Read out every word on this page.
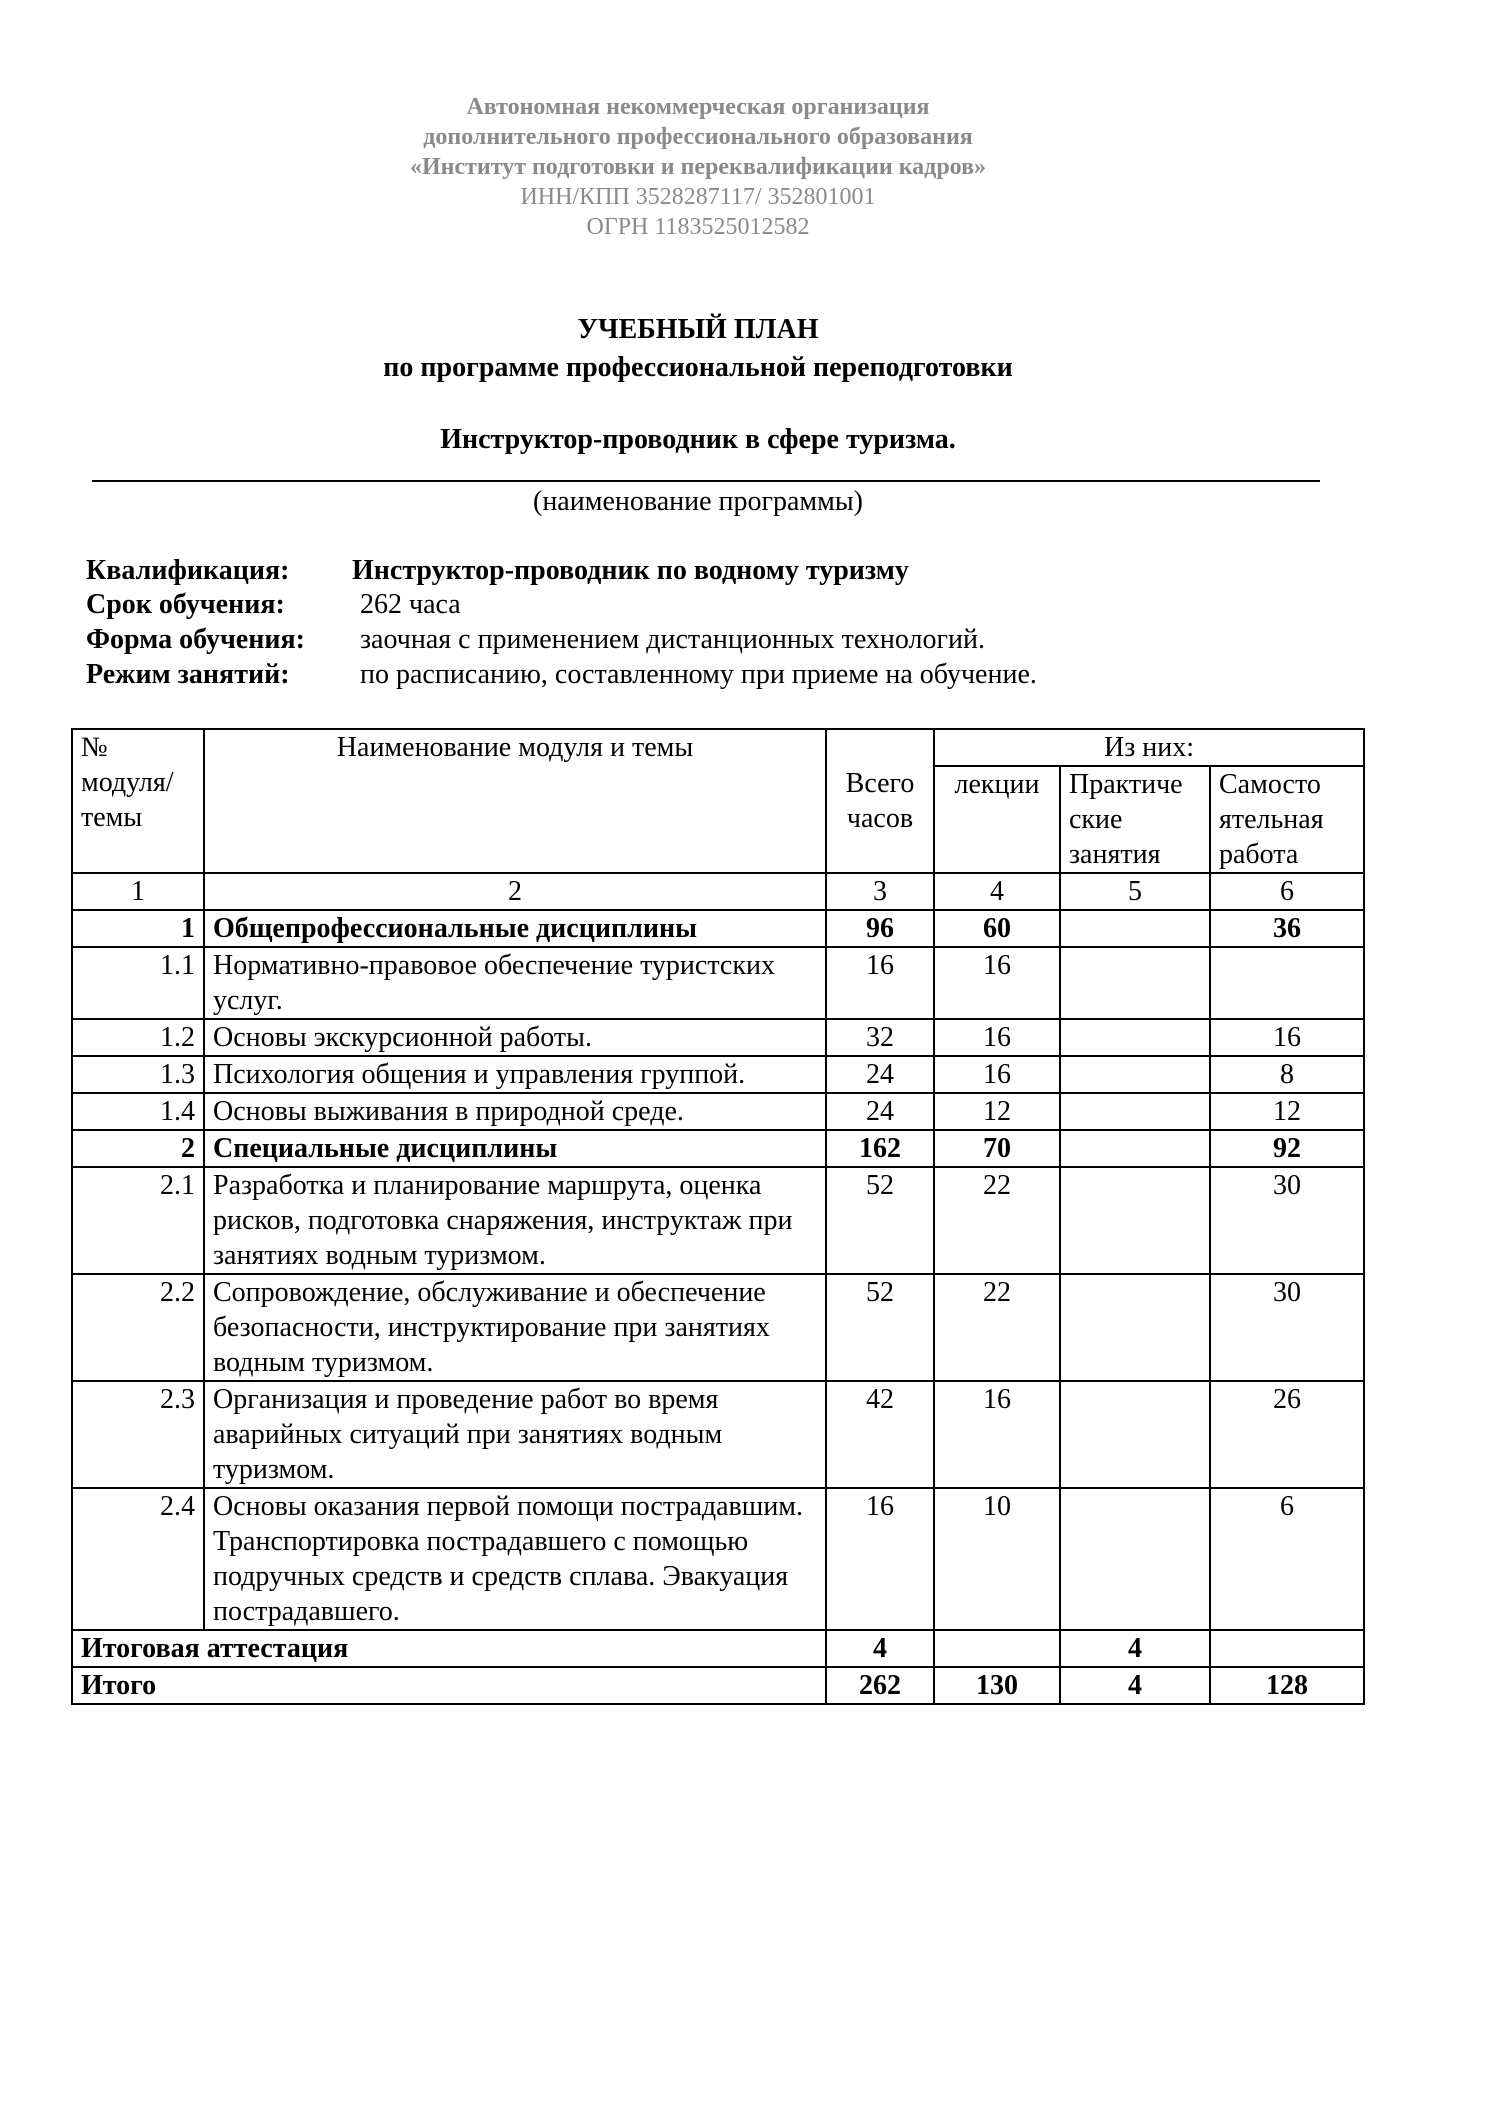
Автономная некоммерческая организация
дополнительного профессионального образования
«Институт подготовки и переквалификации кадров»
ИНН/КПП 3528287117/ 352801001
ОГРН 1183525012582
УЧЕБНЫЙ ПЛАН
по программе профессиональной переподготовки
Инструктор-проводник в сфере туризма.
(наименование программы)
Квалификация: Инструктор-проводник по водному туризму
Срок обучения:	262 часа
Форма обучения: заочная с применением дистанционных технологий.
Режим занятий:	по расписанию, составленному при приеме на обучение.
№ модуля/ темы	Наименование модуля и темы	Всего часов	Из них:		
			лекции	Практиче ские занятия	Самосто ятельная работа
1	2	3	4	5	6
1	Общепрофессиональные дисциплины	96	60		36
1.1	Нормативно-правовое обеспечение туристских услуг.	16	16		
1.2	Основы экскурсионной работы.	32	16		16
1.3	Психология общения и управления группой.	24	16		8
1.4	Основы выживания в природной среде.	24	12		12
2	Специальные дисциплины	162	70		92
2.1	Разработка и планирование маршрута, оценка рисков, подготовка снаряжения, инструктаж при занятиях водным туризмом.	52	22		30
2.2	Сопровождение, обслуживание и обеспечение безопасности, инструктирование при занятиях водным туризмом.	52	22		30
2.3	Организация и проведение работ во время аварийных ситуаций при занятиях водным туризмом.	42	16		26
2.4	Основы оказания первой помощи пострадавшим. Транспортировка пострадавшего с помощью подручных средств и средств сплава. Эвакуация пострадавшего.	16	10		6
Итоговая аттестация		4		4	
Итого		262	130	4	128
